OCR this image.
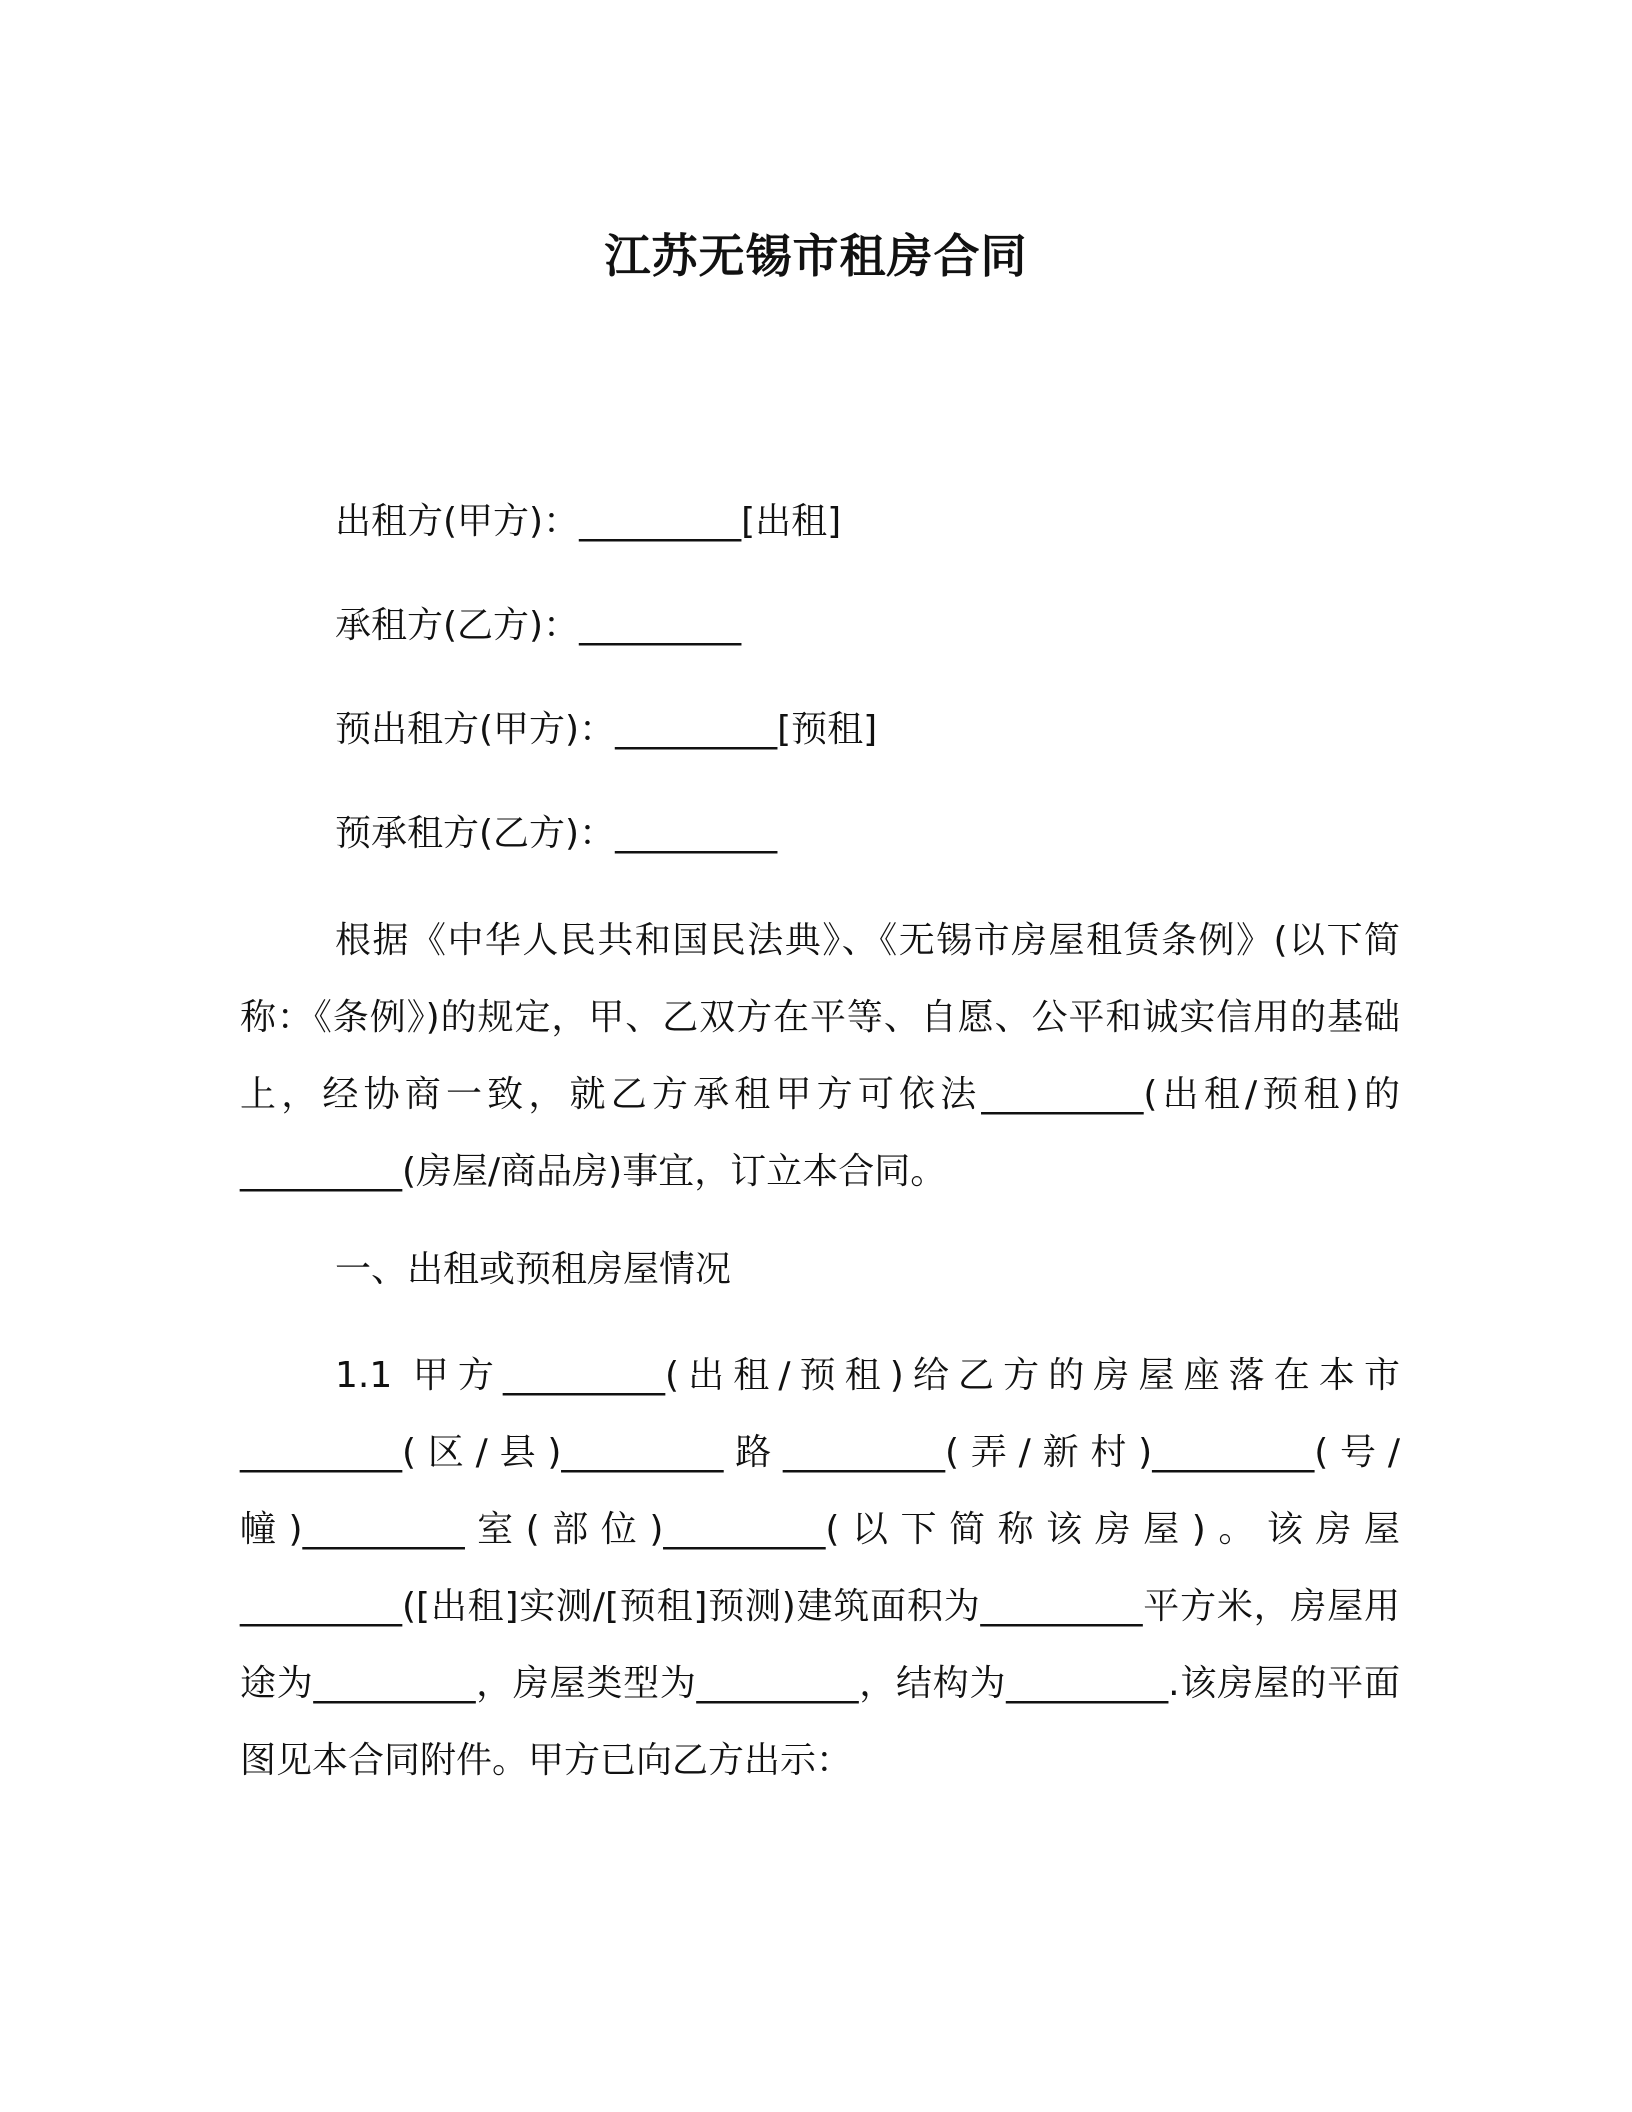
江苏无锡市租房合同
出租方(甲方)：_________[出租]
承租方(乙方)：_________
预出租方(甲方)：_________[预租]
预承租方(乙方)：_________

根据《中华人民共和国民法典》、《无锡市房屋租赁条例》(以下简称：《条例》)的规定，甲、乙双方在平等、自愿、公平和诚实信用的基础上，经协商一致，就乙方承租甲方可依法_________(出租/预租)的_________(房屋/商品房)事宜，订立本合同。

一、出租或预租房屋情况

1.1 甲方_________(出租/预租)给乙方的房屋座落在本市_________(区/县)_________路_________(弄/新村)_________(号/幢)_________室(部位)_________(以下简称该房屋)。该房屋_________([出租]实测/[预租]预测)建筑面积为_________平方米，房屋用途为_________，房屋类型为_________，结构为_________.该房屋的平面图见本合同附件。甲方已向乙方出示：
